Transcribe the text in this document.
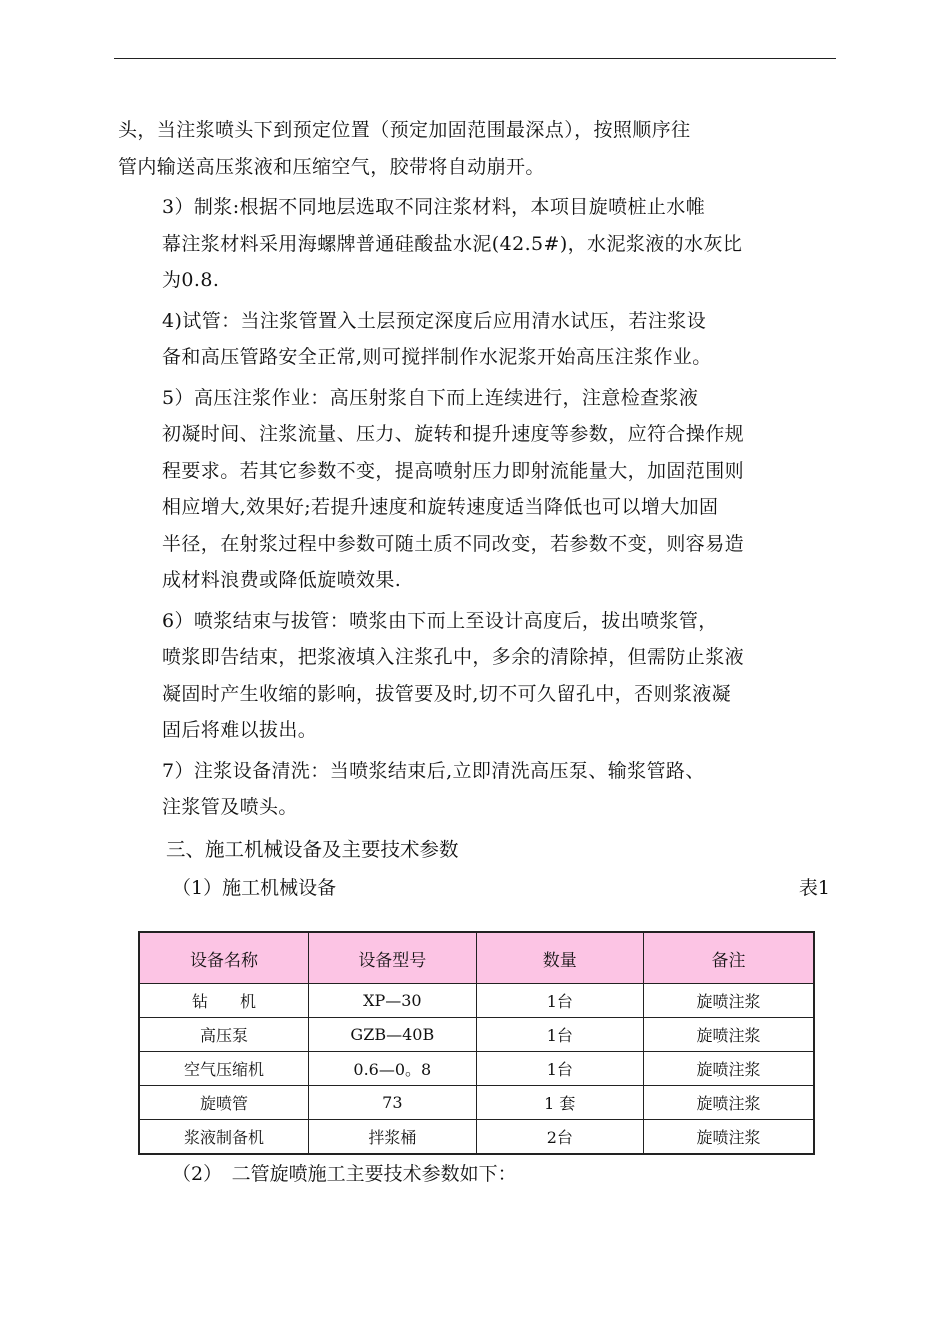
头，当注浆喷头下到预定位置（预定加固范围最深点），按照顺序往
管内输送高压浆液和压缩空气，胶带将自动崩开。

3）制浆:根据不同地层选取不同注浆材料，本项目旋喷桩止水帷
幕注浆材料采用海螺牌普通硅酸盐水泥(42.5#)，水泥浆液的水灰比
为0.8.

4)试管：当注浆管置入土层预定深度后应用清水试压，若注浆设
备和高压管路安全正常,则可搅拌制作水泥浆开始高压注浆作业。

5）高压注浆作业：高压射浆自下而上连续进行，注意检查浆液
初凝时间、注浆流量、压力、旋转和提升速度等参数，应符合操作规
程要求。若其它参数不变，提高喷射压力即射流能量大，加固范围则
相应增大,效果好;若提升速度和旋转速度适当降低也可以增大加固
半径，在射浆过程中参数可随土质不同改变，若参数不变，则容易造
成材料浪费或降低旋喷效果.

6）喷浆结束与拔管：喷浆由下而上至设计高度后，拔出喷浆管，
喷浆即告结束，把浆液填入注浆孔中，多余的清除掉，但需防止浆液
凝固时产生收缩的影响，拔管要及时,切不可久留孔中，否则浆液凝
固后将难以拔出。

7）注浆设备清洗：当喷浆结束后,立即清洗高压泵、输浆管路、
注浆管及喷头。

三、施工机械设备及主要技术参数

（1）施工机械设备	表1
设备名称	设备型号	数量	备注
钻　　机	XP—30	1台	旋喷注浆
高压泵	GZB—40B	1台	旋喷注浆
空气压缩机	0.6—0。8	1台	旋喷注浆
旋喷管	73	1 套	旋喷注浆
浆液制备机	拌浆桶	2台	旋喷注浆
（2）　二管旋喷施工主要技术参数如下：
